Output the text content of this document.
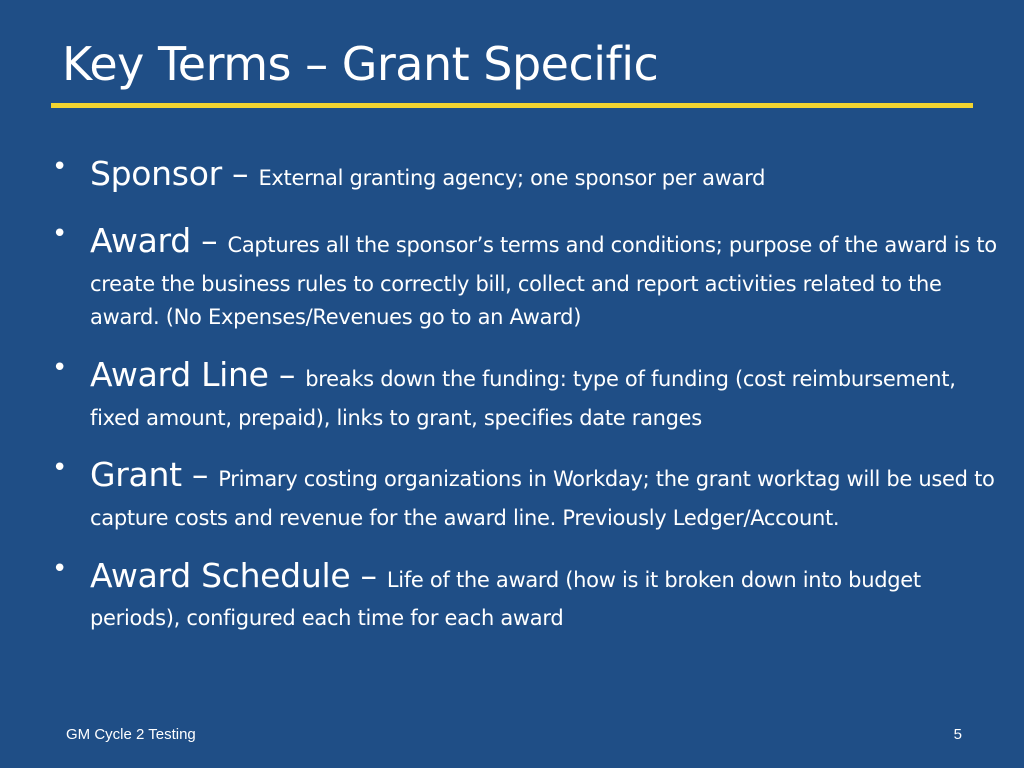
Key Terms – Grant Specific
• Sponsor – External granting agency; one sponsor per award
• Award – Captures all the sponsor’s terms and conditions; purpose of the award is to create the business rules to correctly bill, collect and report activities related to the award. (No Expenses/Revenues go to an Award)
• Award Line – breaks down the funding: type of funding (cost reimbursement, fixed amount, prepaid), links to grant, specifies date ranges
• Grant – Primary costing organizations in Workday; the grant worktag will be used to capture costs and revenue for the award line. Previously Ledger/Account.
• Award Schedule – Life of the award (how is it broken down into budget periods), configured each time for each award
GM Cycle 2 Testing	5
